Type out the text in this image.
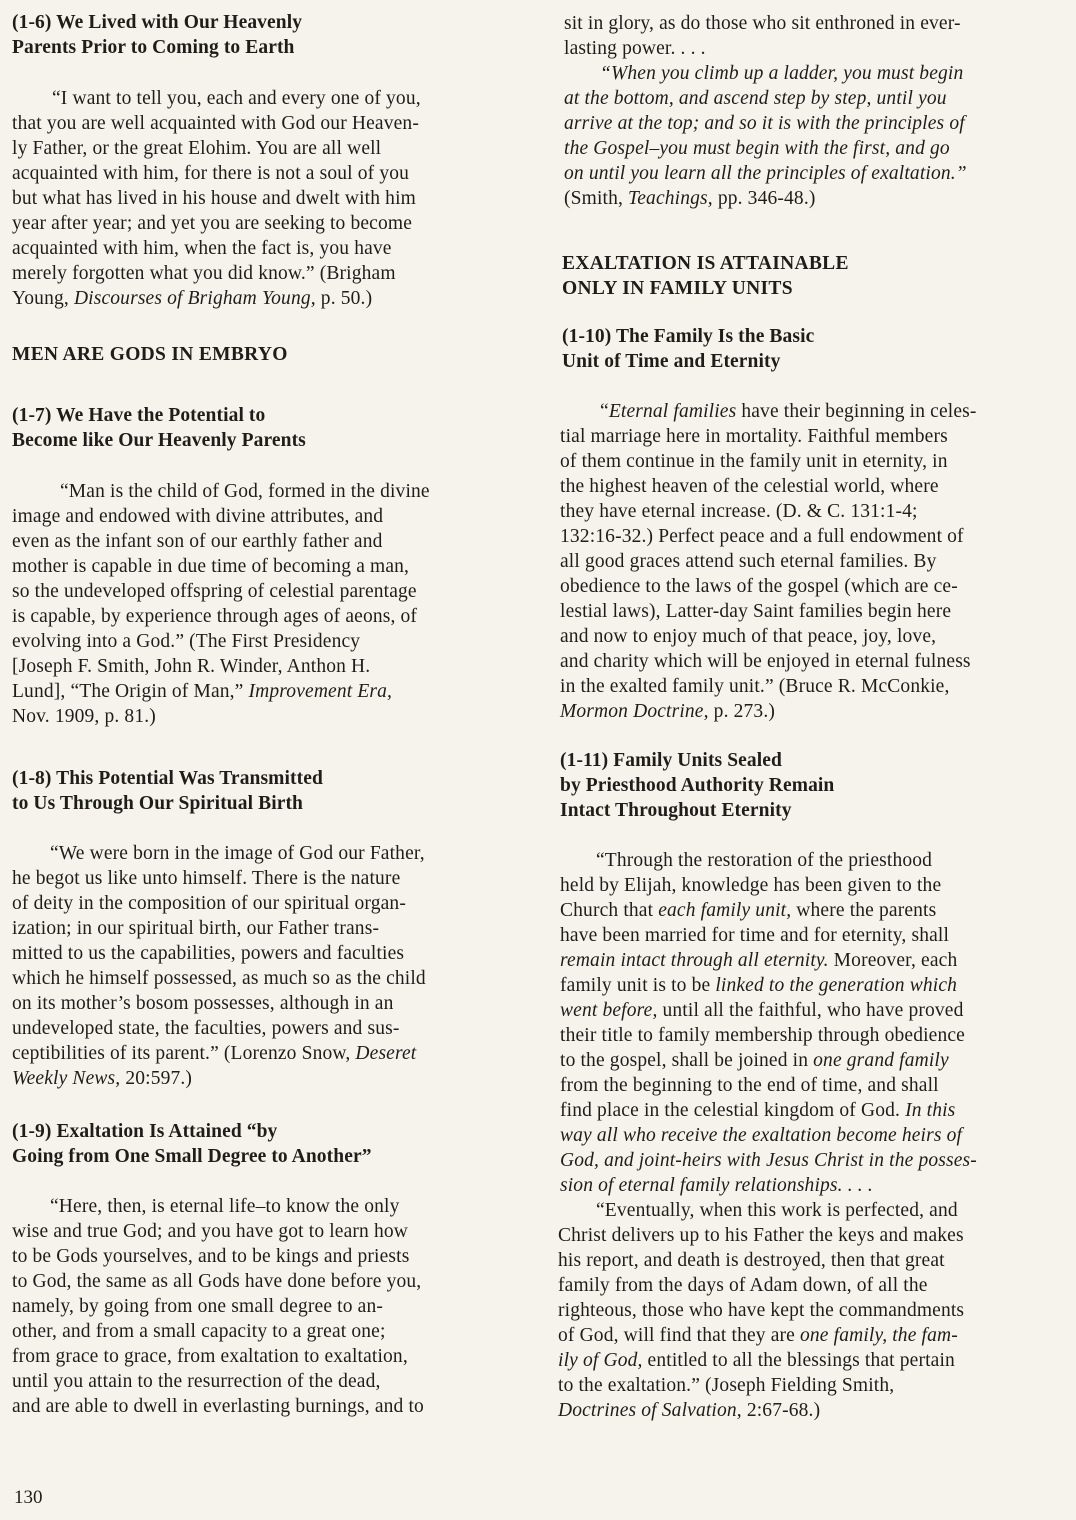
(1-6) We Lived with Our Heavenly
Parents Prior to Coming to Earth
“I want to tell you, each and every one of you,
that you are well acquainted with God our Heaven-
ly Father, or the great Elohim. You are all well
acquainted with him, for there is not a soul of you
but what has lived in his house and dwelt with him
year after year; and yet you are seeking to become
acquainted with him, when the fact is, you have
merely forgotten what you did know.” (Brigham
Young, Discourses of Brigham Young, p. 50.)
MEN ARE GODS IN EMBRYO
(1-7) We Have the Potential to
Become like Our Heavenly Parents
“Man is the child of God, formed in the divine
image and endowed with divine attributes, and
even as the infant son of our earthly father and
mother is capable in due time of becoming a man,
so the undeveloped offspring of celestial parentage
is capable, by experience through ages of aeons, of
evolving into a God.” (The First Presidency
[Joseph F. Smith, John R. Winder, Anthon H.
Lund], “The Origin of Man,” Improvement Era,
Nov. 1909, p. 81.)
(1-8) This Potential Was Transmitted
to Us Through Our Spiritual Birth
“We were born in the image of God our Father,
he begot us like unto himself. There is the nature
of deity in the composition of our spiritual organ-
ization; in our spiritual birth, our Father trans-
mitted to us the capabilities, powers and faculties
which he himself possessed, as much so as the child
on its mother’s bosom possesses, although in an
undeveloped state, the faculties, powers and sus-
ceptibilities of its parent.” (Lorenzo Snow, Deseret
Weekly News, 20:597.)
(1-9) Exaltation Is Attained “by
Going from One Small Degree to Another”
“Here, then, is eternal life–to know the only
wise and true God; and you have got to learn how
to be Gods yourselves, and to be kings and priests
to God, the same as all Gods have done before you,
namely, by going from one small degree to an-
other, and from a small capacity to a great one;
from grace to grace, from exaltation to exaltation,
until you attain to the resurrection of the dead,
and are able to dwell in everlasting burnings, and to
sit in glory, as do those who sit enthroned in ever-
lasting power. . . .
“When you climb up a ladder, you must begin
at the bottom, and ascend step by step, until you
arrive at the top; and so it is with the principles of
the Gospel–you must begin with the first, and go
on until you learn all the principles of exaltation.”
(Smith, Teachings, pp. 346-48.)
EXALTATION IS ATTAINABLE
ONLY IN FAMILY UNITS
(1-10) The Family Is the Basic
Unit of Time and Eternity
“Eternal families have their beginning in celes-
tial marriage here in mortality. Faithful members
of them continue in the family unit in eternity, in
the highest heaven of the celestial world, where
they have eternal increase. (D. & C. 131:1-4;
132:16-32.) Perfect peace and a full endowment of
all good graces attend such eternal families. By
obedience to the laws of the gospel (which are ce-
lestial laws), Latter-day Saint families begin here
and now to enjoy much of that peace, joy, love,
and charity which will be enjoyed in eternal fulness
in the exalted family unit.” (Bruce R. McConkie,
Mormon Doctrine, p. 273.)
(1-11) Family Units Sealed
by Priesthood Authority Remain
Intact Throughout Eternity
“Through the restoration of the priesthood
held by Elijah, knowledge has been given to the
Church that each family unit, where the parents
have been married for time and for eternity, shall
remain intact through all eternity. Moreover, each
family unit is to be linked to the generation which
went before, until all the faithful, who have proved
their title to family membership through obedience
to the gospel, shall be joined in one grand family
from the beginning to the end of time, and shall
find place in the celestial kingdom of God. In this
way all who receive the exaltation become heirs of
God, and joint-heirs with Jesus Christ in the posses-
sion of eternal family relationships. . . .
“Eventually, when this work is perfected, and
Christ delivers up to his Father the keys and makes
his report, and death is destroyed, then that great
family from the days of Adam down, of all the
righteous, those who have kept the commandments
of God, will find that they are one family, the fam-
ily of God, entitled to all the blessings that pertain
to the exaltation.” (Joseph Fielding Smith,
Doctrines of Salvation, 2:67-68.)
130
